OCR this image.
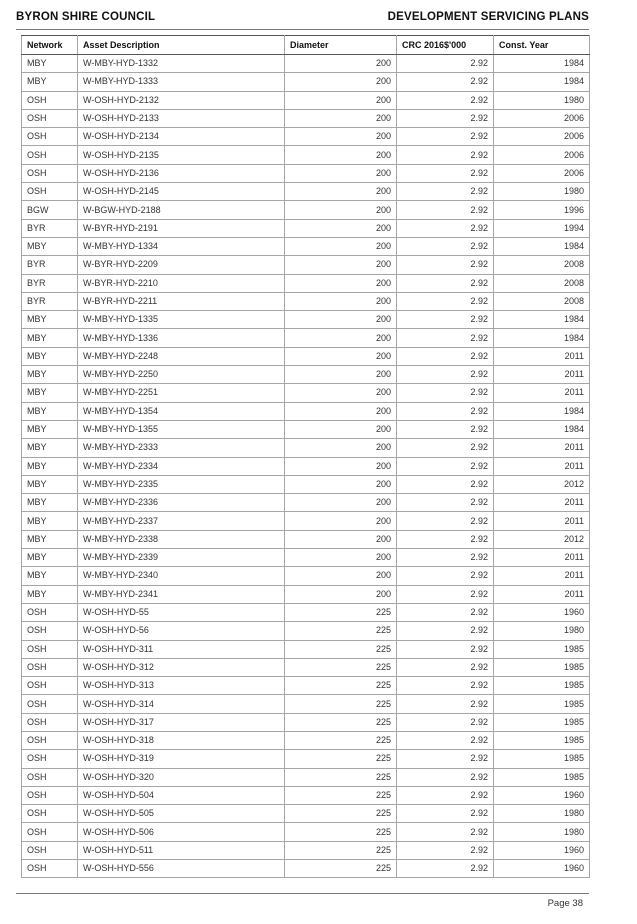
BYRON SHIRE COUNCIL	DEVELOPMENT SERVICING PLANS
Network	Asset Description	Diameter	CRC 2016$'000	Const. Year
MBY	W-MBY-HYD-1332	200	2.92	1984
MBY	W-MBY-HYD-1333	200	2.92	1984
OSH	W-OSH-HYD-2132	200	2.92	1980
OSH	W-OSH-HYD-2133	200	2.92	2006
OSH	W-OSH-HYD-2134	200	2.92	2006
OSH	W-OSH-HYD-2135	200	2.92	2006
OSH	W-OSH-HYD-2136	200	2.92	2006
OSH	W-OSH-HYD-2145	200	2.92	1980
BGW	W-BGW-HYD-2188	200	2.92	1996
BYR	W-BYR-HYD-2191	200	2.92	1994
MBY	W-MBY-HYD-1334	200	2.92	1984
BYR	W-BYR-HYD-2209	200	2.92	2008
BYR	W-BYR-HYD-2210	200	2.92	2008
BYR	W-BYR-HYD-2211	200	2.92	2008
MBY	W-MBY-HYD-1335	200	2.92	1984
MBY	W-MBY-HYD-1336	200	2.92	1984
MBY	W-MBY-HYD-2248	200	2.92	2011
MBY	W-MBY-HYD-2250	200	2.92	2011
MBY	W-MBY-HYD-2251	200	2.92	2011
MBY	W-MBY-HYD-1354	200	2.92	1984
MBY	W-MBY-HYD-1355	200	2.92	1984
MBY	W-MBY-HYD-2333	200	2.92	2011
MBY	W-MBY-HYD-2334	200	2.92	2011
MBY	W-MBY-HYD-2335	200	2.92	2012
MBY	W-MBY-HYD-2336	200	2.92	2011
MBY	W-MBY-HYD-2337	200	2.92	2011
MBY	W-MBY-HYD-2338	200	2.92	2012
MBY	W-MBY-HYD-2339	200	2.92	2011
MBY	W-MBY-HYD-2340	200	2.92	2011
MBY	W-MBY-HYD-2341	200	2.92	2011
OSH	W-OSH-HYD-55	225	2.92	1960
OSH	W-OSH-HYD-56	225	2.92	1980
OSH	W-OSH-HYD-311	225	2.92	1985
OSH	W-OSH-HYD-312	225	2.92	1985
OSH	W-OSH-HYD-313	225	2.92	1985
OSH	W-OSH-HYD-314	225	2.92	1985
OSH	W-OSH-HYD-317	225	2.92	1985
OSH	W-OSH-HYD-318	225	2.92	1985
OSH	W-OSH-HYD-319	225	2.92	1985
OSH	W-OSH-HYD-320	225	2.92	1985
OSH	W-OSH-HYD-504	225	2.92	1960
OSH	W-OSH-HYD-505	225	2.92	1980
OSH	W-OSH-HYD-506	225	2.92	1980
OSH	W-OSH-HYD-511	225	2.92	1960
OSH	W-OSH-HYD-556	225	2.92	1960
Page 38
